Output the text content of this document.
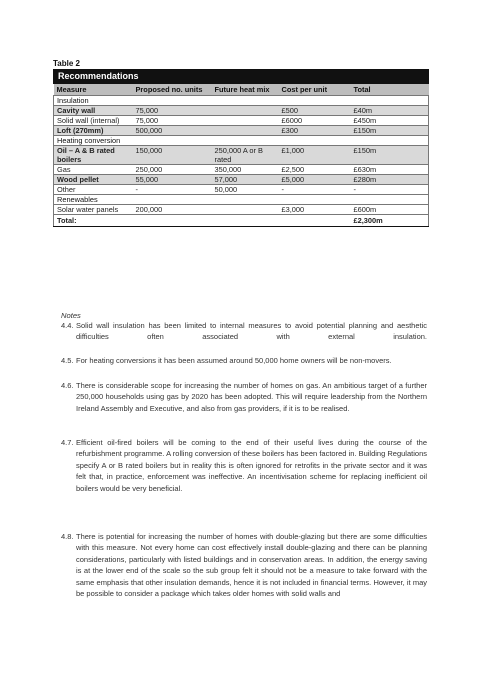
Table 2
Recommendations				
Measure	Proposed no. units	Future heat mix	Cost per unit	Total
Insulation				
Cavity wall	75,000		£500	£40m
Solid wall (internal)	75,000		£6000	£450m
Loft (270mm)	500,000		£300	£150m
Heating conversion				
Oil – A & B rated boilers	150,000	250,000 A or B rated	£1,000	£150m
Gas	250,000	350,000	£2,500	£630m
Wood pellet	55,000	57,000	£5,000	£280m
Other	-	50,000	-	-
Renewables				
Solar water panels	200,000		£3,000	£600m
Total:				£2,300m
Notes
4.4. Solid wall insulation has been limited to internal measures to avoid potential planning and aesthetic difficulties often associated with external insulation.
4.5. For heating conversions it has been assumed around 50,000 home owners will be non-movers.
4.6. There is considerable scope for increasing the number of homes on gas. An ambitious target of a further 250,000 households using gas by 2020 has been adopted. This will require leadership from the Northern Ireland Assembly and Executive, and also from gas providers, if it is to be realised.
4.7. Efficient oil-fired boilers will be coming to the end of their useful lives during the course of the refurbishment programme. A rolling conversion of these boilers has been factored in. Building Regulations specify A or B rated boilers but in reality this is often ignored for retrofits in the private sector and it was felt that, in practice, enforcement was ineffective. An incentivisation scheme for replacing inefficient oil boilers would be very beneficial.
4.8. There is potential for increasing the number of homes with double-glazing but there are some difficulties with this measure. Not every home can cost effectively install double-glazing and there can be planning considerations, particularly with listed buildings and in conservation areas. In addition, the energy saving is at the lower end of the scale so the sub group felt it should not be a measure to take forward with the same emphasis that other insulation demands, hence it is not included in financial terms. However, it may be possible to consider a package which takes older homes with solid walls and
